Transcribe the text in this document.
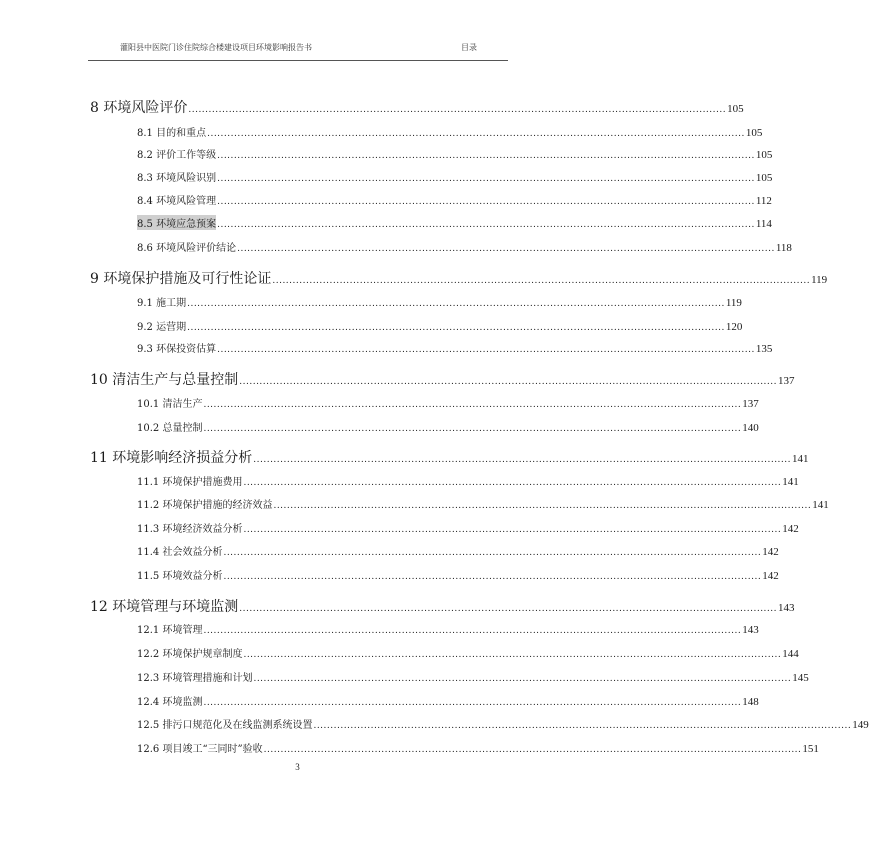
灌阳县中医院门诊住院综合楼建设项目环境影响报告书	目录
8 环境风险评价 ................................................................................................................................................................ 105
8.1 目的和重点 ................................................................................................................................................................ 105
8.2 评价工作等级 ................................................................................................................................................................ 105
8.3 环境风险识别 ................................................................................................................................................................ 105
8.4 环境风险管理 ................................................................................................................................................................ 112
8.5 环境应急预案 ................................................................................................................................................................ 114
8.6 环境风险评价结论 ................................................................................................................................................................ 118
9 环境保护措施及可行性论证 ................................................................................................................................................................ 119
9.1 施工期 ................................................................................................................................................................ 119
9.2 运营期 ................................................................................................................................................................ 120
9.3 环保投资估算 ................................................................................................................................................................ 135
10 清洁生产与总量控制 ................................................................................................................................................................ 137
10.1 清洁生产 ................................................................................................................................................................ 137
10.2 总量控制 ................................................................................................................................................................ 140
11 环境影响经济损益分析 ................................................................................................................................................................ 141
11.1 环境保护措施费用 ................................................................................................................................................................ 141
11.2 环境保护措施的经济效益 ................................................................................................................................................................ 141
11.3 环境经济效益分析 ................................................................................................................................................................ 142
11.4 社会效益分析 ................................................................................................................................................................ 142
11.5 环境效益分析 ................................................................................................................................................................ 142
12 环境管理与环境监测 ................................................................................................................................................................ 143
12.1 环境管理 ................................................................................................................................................................ 143
12.2 环境保护规章制度 ................................................................................................................................................................ 144
12.3 环境管理措施和计划 ................................................................................................................................................................ 145
12.4 环境监测 ................................................................................................................................................................ 148
12.5 排污口规范化及在线监测系统设置 ................................................................................................................................................................ 149
12.6 项目竣工“三同时”验收 ................................................................................................................................................................ 151
3
